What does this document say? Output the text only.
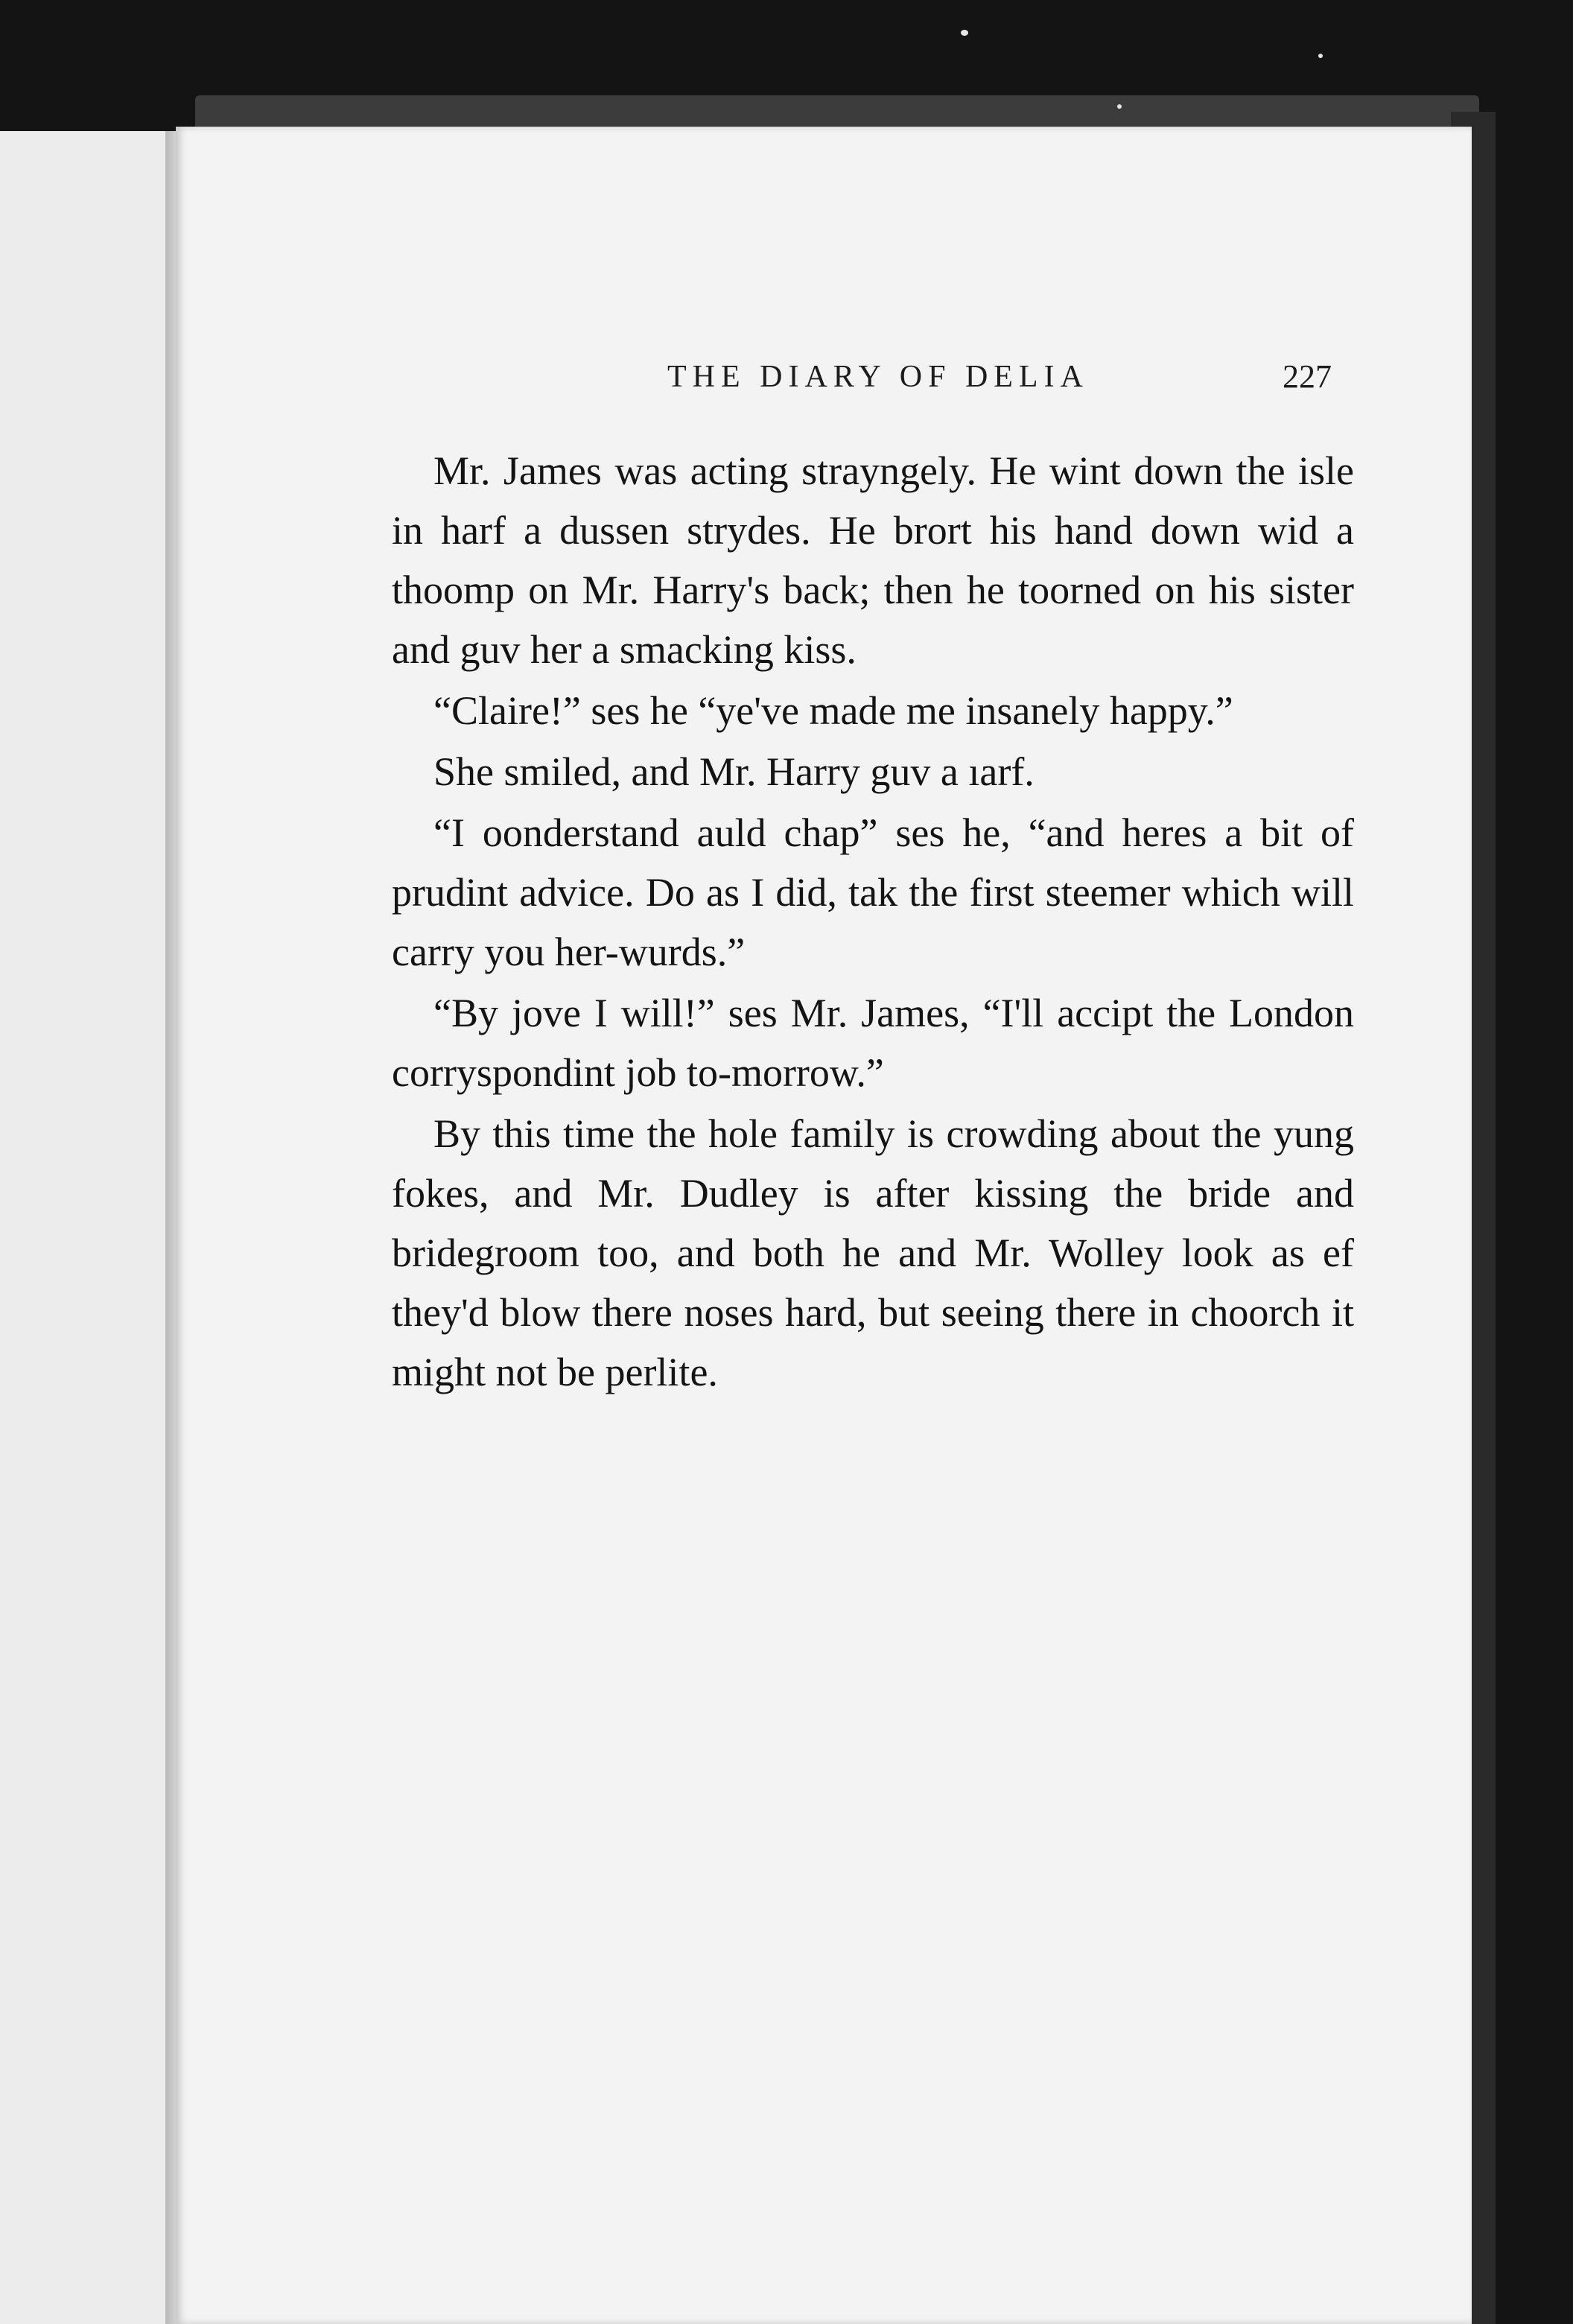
THE DIARY OF DELIA	227

Mr. James was acting strayngely. He wint down the isle in harf a dussen strydes. He brort his hand down wid a thoomp on Mr. Harry's back; then he toorned on his sister and guv her a smacking kiss.

“Claire!” ses he “ye've made me insanely happy.”

She smiled, and Mr. Harry guv a ıarf.

“I oonderstand auld chap” ses he, “and heres a bit of prudint advice. Do as I did, tak the first steemer which will carry you her-wurds.”

“By jove I will!” ses Mr. James, “I'll accipt the London corryspondint job to-morrow.”

By this time the hole family is crowding about the yung fokes, and Mr. Dudley is after kissing the bride and bridegroom too, and both he and Mr. Wolley look as ef they'd blow there noses hard, but seeing there in choorch it might not be perlite.
